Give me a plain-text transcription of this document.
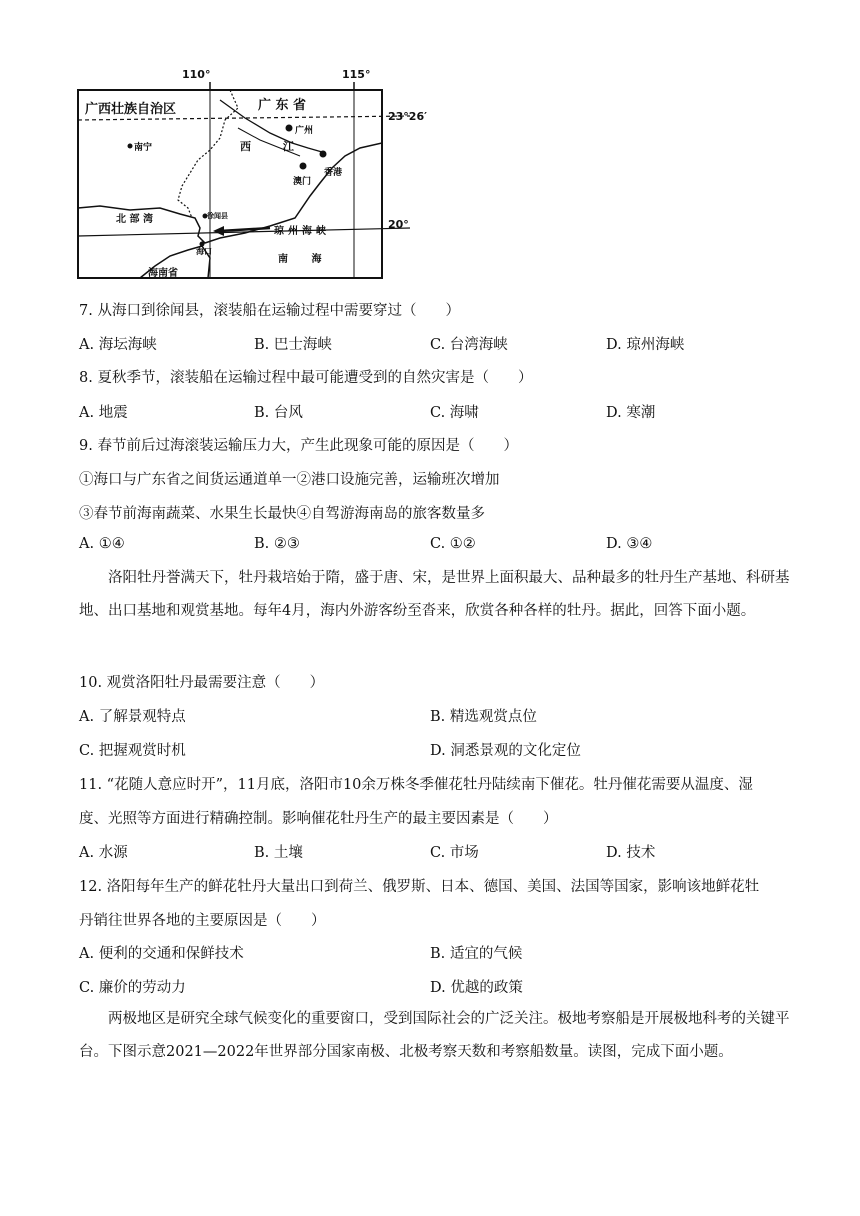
110°	115°
23°26′
20°
广西壮族自治区	广 东 省
南宁
广州
西 江
香港
澳门
北 部 湾	徐闻县
琼州海峡
海口
海南省
南 海
7. 从海口到徐闻县，滚装船在运输过程中需要穿过（　　）
A. 海坛海峡	B. 巴士海峡	C. 台湾海峡	D. 琼州海峡
8. 夏秋季节，滚装船在运输过程中最可能遭受到的自然灾害是（　　）
A. 地震	B. 台风	C. 海啸	D. 寒潮
9. 春节前后过海滚装运输压力大，产生此现象可能的原因是（　　）
①海口与广东省之间货运通道单一②港口设施完善，运输班次增加
③春节前海南蔬菜、水果生长最快④自驾游海南岛的旅客数量多
A. ①④	B. ②③	C. ①②	D. ③④
洛阳牡丹誉满天下，牡丹栽培始于隋，盛于唐、宋，是世界上面积最大、品种最多的牡丹生产基地、科研基地、出口基地和观赏基地。每年4月，海内外游客纷至沓来，欣赏各种各样的牡丹。据此，回答下面小题。
10. 观赏洛阳牡丹最需要注意（　　）
A. 了解景观特点	B. 精选观赏点位
C. 把握观赏时机	D. 洞悉景观的文化定位
11. “花随人意应时开”，11月底，洛阳市10余万株冬季催花牡丹陆续南下催花。牡丹催花需要从温度、湿
度、光照等方面进行精确控制。影响催花牡丹生产的最主要因素是（　　）
A. 水源	B. 土壤	C. 市场	D. 技术
12. 洛阳每年生产的鲜花牡丹大量出口到荷兰、俄罗斯、日本、德国、美国、法国等国家，影响该地鲜花牡
丹销往世界各地的主要原因是（　　）
A. 便利的交通和保鲜技术	B. 适宜的气候
C. 廉价的劳动力	D. 优越的政策
两极地区是研究全球气候变化的重要窗口，受到国际社会的广泛关注。极地考察船是开展极地科考的关键平台。下图示意2021—2022年世界部分国家南极、北极考察天数和考察船数量。读图，完成下面小题。
